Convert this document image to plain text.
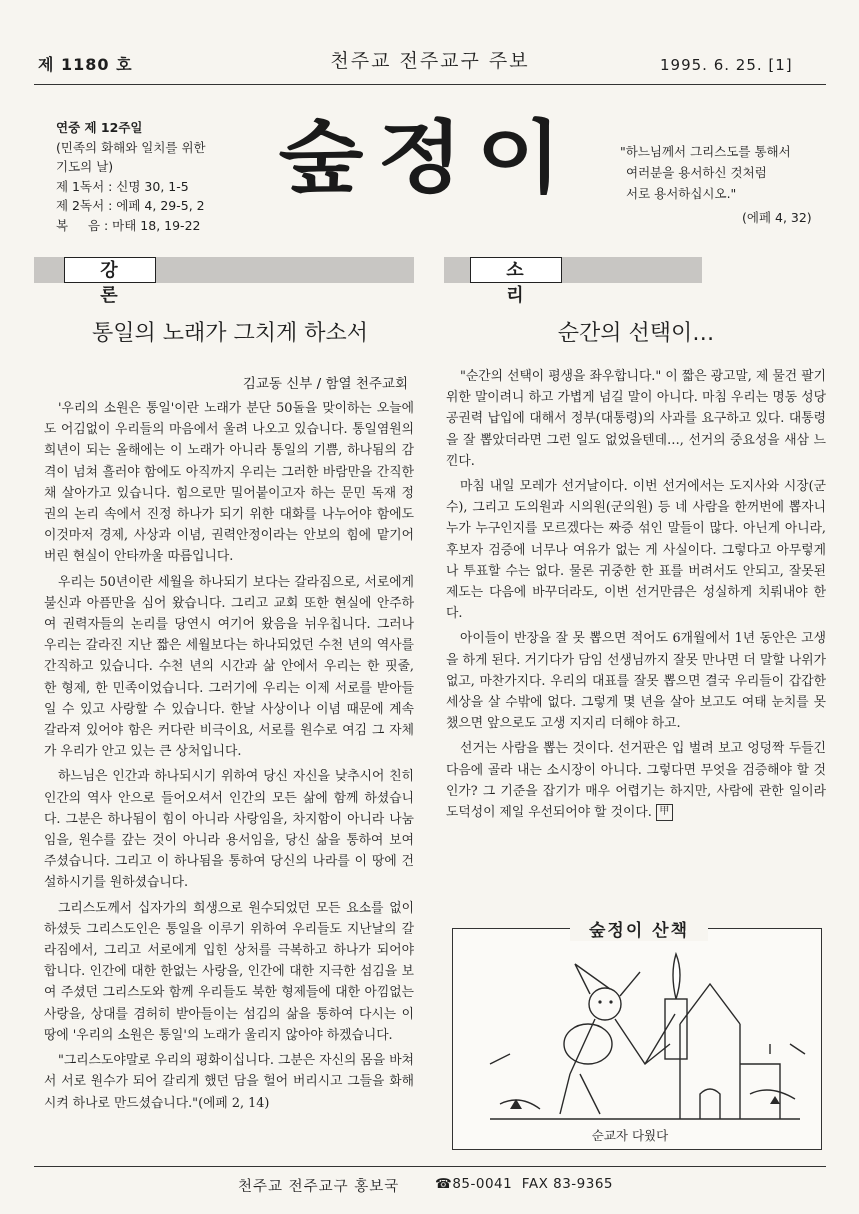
제 1180 호	천주교 전주교구 주보	1995. 6. 25. [1]
연중 제 12주일
(민족의 화해와 일치를 위한
기도의 날)
제 1독서 : 신명 30, 1-5
제 2독서 : 에페 4, 29-5, 2
복     음 : 마태 18, 19-22
숲정이	"하느님께서 그리스도를 통해서
여러분을 용서하신 것처럼
서로 용서하십시오."
(에페 4, 32)
강론
소리
통일의 노래가 그치게 하소서
김교동 신부 / 함열 천주교회

'우리의 소원은 통일'이란 노래가 분단 50돌을 맞이하는 오늘에도 어김없이 우리들의 마음에서 울려 나오고 있습니다. 통일염원의 희년이 되는 올해에는 이 노래가 아니라 통일의 기쁨, 하나됨의 감격이 넘쳐 흘러야 함에도 아직까지 우리는 그러한 바람만을 간직한 채 살아가고 있습니다. 힘으로만 밀어붙이고자 하는 문민 독재 정권의 논리 속에서 진정 하나가 되기 위한 대화를 나누어야 함에도 이것마저 경제, 사상과 이념, 권력안정이라는 안보의 힘에 맡기어 버린 현실이 안타까울 따름입니다.

우리는 50년이란 세월을 하나되기 보다는 갈라짐으로, 서로에게 불신과 아픔만을 심어 왔습니다. 그리고 교회 또한 현실에 안주하여 권력자들의 논리를 당연시 여기어 왔음을 뉘우칩니다. 그러나 우리는 갈라진 지난 짧은 세월보다는 하나되었던 수천 년의 역사를 간직하고 있습니다. 수천 년의 시간과 삶 안에서 우리는 한 핏줄, 한 형제, 한 민족이었습니다. 그러기에 우리는 이제 서로를 받아들일 수 있고 사랑할 수 있습니다. 한날 사상이나 이념 때문에 계속 갈라져 있어야 함은 커다란 비극이요, 서로를 원수로 여김 그 자체가 우리가 안고 있는 큰 상처입니다.

하느님은 인간과 하나되시기 위하여 당신 자신을 낮추시어 친히 인간의 역사 안으로 들어오셔서 인간의 모든 삶에 함께 하셨습니다. 그분은 하나됨이 힘이 아니라 사랑임을, 차지함이 아니라 나눔임을, 원수를 갚는 것이 아니라 용서임을, 당신 삶을 통하여 보여 주셨습니다. 그리고 이 하나됨을 통하여 당신의 나라를 이 땅에 건설하시기를 원하셨습니다.

그리스도께서 십자가의 희생으로 원수되었던 모든 요소를 없이 하셨듯 그리스도인은 통일을 이루기 위하여 우리들도 지난날의 갈라짐에서, 그리고 서로에게 입힌 상처를 극복하고 하나가 되어야 합니다. 인간에 대한 한없는 사랑을, 인간에 대한 지극한 섬김을 보여 주셨던 그리스도와 함께 우리들도 북한 형제들에 대한 아낌없는 사랑을, 상대를 겸허히 받아들이는 섬김의 삶을 통하여 다시는 이 땅에 '우리의 소원은 통일'의 노래가 울리지 않아야 하겠습니다.

"그리스도야말로 우리의 평화이십니다. 그분은 자신의 몸을 바쳐서 서로 원수가 되어 갈리게 했던 담을 헐어 버리시고 그들을 화해시켜 하나로 만드셨습니다."(에페 2, 14)

순간의 선택이…

"순간의 선택이 평생을 좌우합니다." 이 짧은 광고말, 제 물건 팔기 위한 말이려니 하고 가볍게 넘길 말이 아니다. 마침 우리는 명동 성당 공권력 납입에 대해서 정부(대통령)의 사과를 요구하고 있다. 대통령을 잘 뽑았더라면 그런 일도 없었을텐데…, 선거의 중요성을 새삼 느낀다.

마침 내일 모레가 선거날이다. 이번 선거에서는 도지사와 시장(군수), 그리고 도의원과 시의원(군의원) 등 네 사람을 한꺼번에 뽑자니 누가 누구인지를 모르겠다는 짜증 섞인 말들이 많다. 아닌게 아니라, 후보자 검증에 너무나 여유가 없는 게 사실이다. 그렇다고 아무렇게나 투표할 수는 없다. 물론 귀중한 한 표를 버려서도 안되고, 잘못된 제도는 다음에 바꾸더라도, 이번 선거만큼은 성실하게 치뤄내야 한다.

아이들이 반장을 잘 못 뽑으면 적어도 6개월에서 1년 동안은 고생을 하게 된다. 거기다가 담임 선생님까지 잘못 만나면 더 말할 나위가 없고, 마찬가지다. 우리의 대표를 잘못 뽑으면 결국 우리들이 갑갑한 세상을 살 수밖에 없다. 그렇게 몇 년을 살아 보고도 여태 눈치를 못 챘으면 앞으로도 고생 지지리 더해야 하고.

선거는 사람을 뽑는 것이다. 선거판은 입 벌려 보고 엉덩짝 두들긴 다음에 골라 내는 소시장이 아니다. 그렇다면 무엇을 검증해야 할 것인가? 그 기준을 잡기가 매우 어렵기는 하지만, 사람에 관한 일이라 도덕성이 제일 우선되어야 할 것이다. 甲

숲정이 산책
순교자 다웠다
천주교 전주교구 홍보국	☎85-0041  FAX 83-9365
